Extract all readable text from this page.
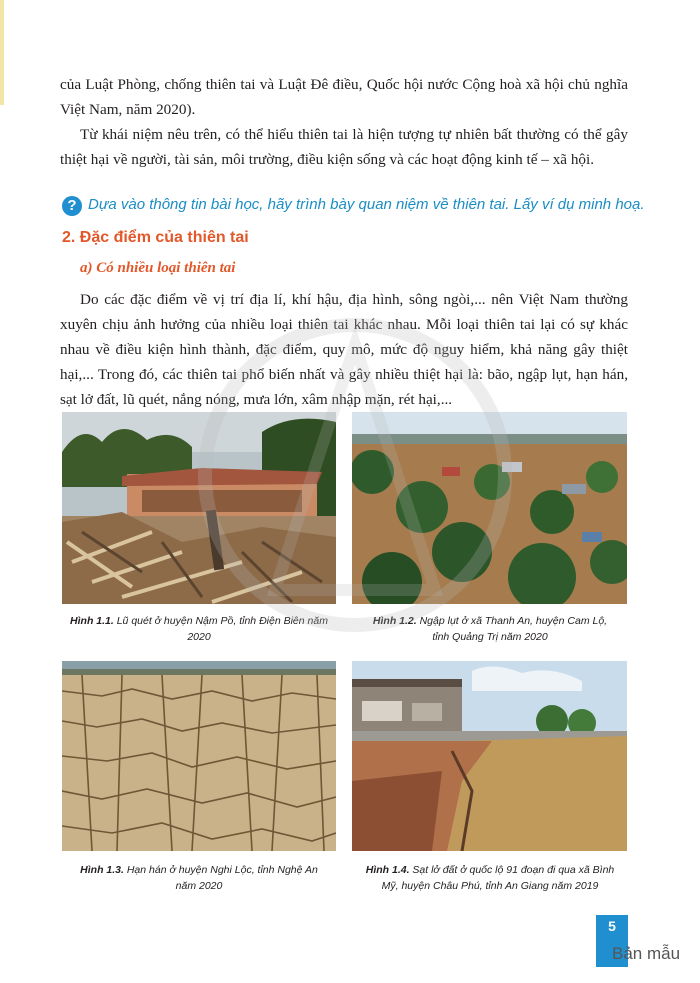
của Luật Phòng, chống thiên tai và Luật Đê điều, Quốc hội nước Cộng hoà xã hội chủ nghĩa Việt Nam, năm 2020).

Từ khái niệm nêu trên, có thể hiểu thiên tai là hiện tượng tự nhiên bất thường có thể gây thiệt hại về người, tài sản, môi trường, điều kiện sống và các hoạt động kinh tế – xã hội.

? Dựa vào thông tin bài học, hãy trình bày quan niệm về thiên tai. Lấy ví dụ minh hoạ.
2. Đặc điểm của thiên tai
a) Có nhiều loại thiên tai

Do các đặc điểm về vị trí địa lí, khí hậu, địa hình, sông ngòi,... nên Việt Nam thường xuyên chịu ảnh hưởng của nhiều loại thiên tai khác nhau. Mỗi loại thiên tai lại có sự khác nhau về điều kiện hình thành, đặc điểm, quy mô, mức độ nguy hiểm, khả năng gây thiệt hại,... Trong đó, các thiên tai phổ biến nhất và gây nhiều thiệt hại là: bão, ngập lụt, hạn hán, sạt lở đất, lũ quét, nắng nóng, mưa lớn, xâm nhập mặn, rét hại,...

Hình 1.1. Lũ quét ở huyện Nậm Pồ, tỉnh Điện Biên năm 2020
Hình 1.2. Ngập lụt ở xã Thanh An, huyện Cam Lộ, tỉnh Quảng Trị năm 2020
Hình 1.3. Hạn hán ở huyện Nghi Lộc, tỉnh Nghệ An năm 2020
Hình 1.4. Sạt lở đất ở quốc lộ 91 đoạn đi qua xã Bình Mỹ, huyện Châu Phú, tỉnh An Giang năm 2019
5
Bản mẫu
